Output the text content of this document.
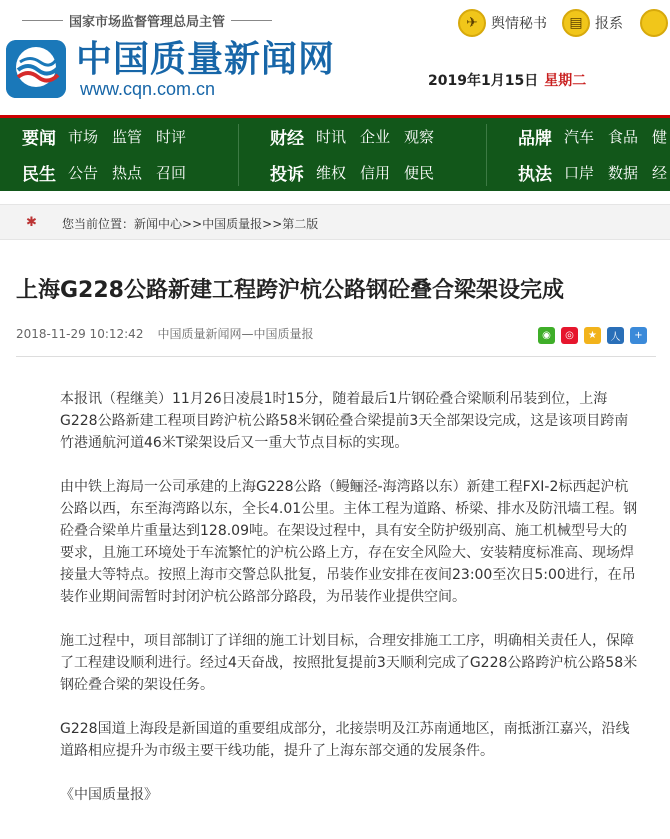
国家市场监督管理总局主管
中国质量新闻网
www.cqn.com.cn
✈ 舆情秘书	▤ 报系
2019年1月15日 星期二
要闻 市场 监管 时评
民生 公告 热点 召回
财经 时讯 企业 观察
投诉 维权 信用 便民
品牌 汽车 食品 健
执法 口岸 数据 经
✱	您当前位置：新闻中心>>中国质量报>>第二版
上海G228公路新建工程跨沪杭公路钢砼叠合梁架设完成
2018-11-29 10:12:42 中国质量新闻网—中国质量报	◉	◎	★	人	+

本报讯（程继美）11月26日凌晨1时15分，随着最后1片钢砼叠合梁顺利吊装到位，上海G228公路新建工程项目跨沪杭公路58米钢砼叠合梁提前3天全部架设完成，这是该项目跨南竹港通航河道46米T梁架设后又一重大节点目标的实现。

由中铁上海局一公司承建的上海G228公路（鳗鲡泾-海湾路以东）新建工程FXⅠ-2标西起沪杭公路以西，东至海湾路以东，全长4.01公里。主体工程为道路、桥梁、排水及防汛墙工程。钢砼叠合梁单片重量达到128.09吨。在架设过程中，具有安全防护级别高、施工机械型号大的要求，且施工环境处于车流繁忙的沪杭公路上方，存在安全风险大、安装精度标准高、现场焊接量大等特点。按照上海市交警总队批复，吊装作业安排在夜间23:00至次日5:00进行，在吊装作业期间需暂时封闭沪杭公路部分路段，为吊装作业提供空间。

施工过程中，项目部制订了详细的施工计划目标，合理安排施工工序，明确相关责任人，保障了工程建设顺利进行。经过4天奋战，按照批复提前3天顺利完成了G228公路跨沪杭公路58米钢砼叠合梁的架设任务。

G228国道上海段是新国道的重要组成部分，北接崇明及江苏南通地区，南抵浙江嘉兴，沿线道路相应提升为市级主要干线功能，提升了上海东部交通的发展条件。

《中国质量报》
